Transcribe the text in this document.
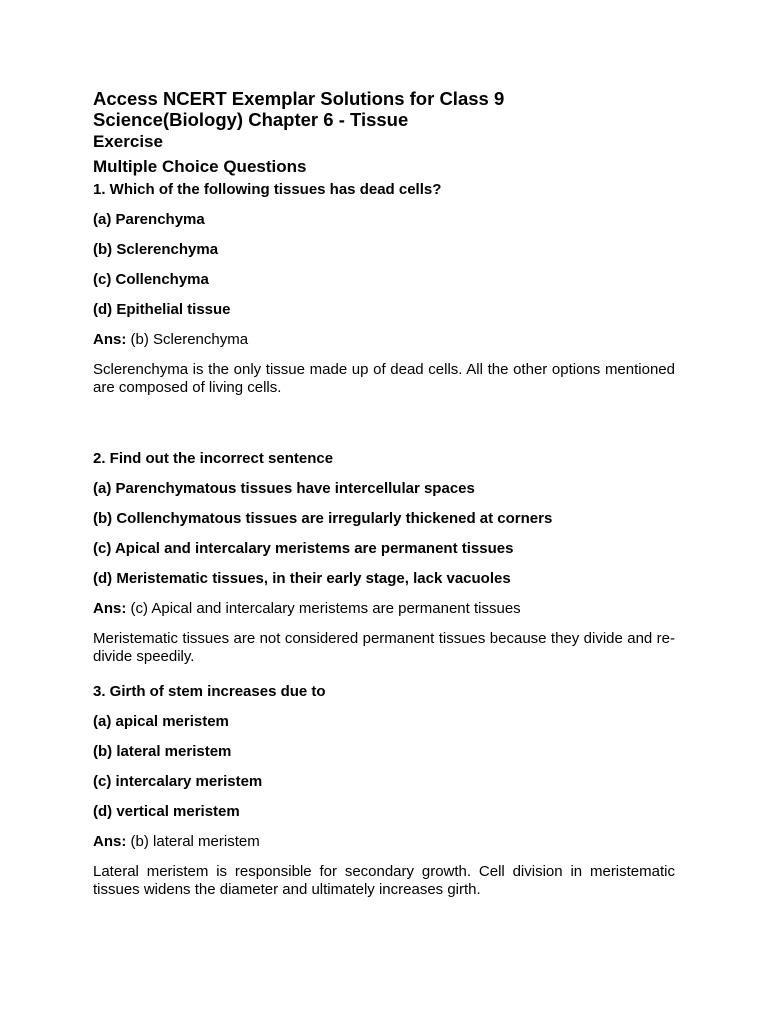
Access NCERT Exemplar Solutions for Class 9

Science(Biology) Chapter 6 - Tissue

Exercise

Multiple Choice Questions

1. Which of the following tissues has dead cells?

(a) Parenchyma

(b) Sclerenchyma

(c) Collenchyma

(d) Epithelial tissue

Ans: (b) Sclerenchyma

Sclerenchyma is the only tissue made up of dead cells. All the other options mentioned are composed of living cells.

2. Find out the incorrect sentence

(a) Parenchymatous tissues have intercellular spaces

(b) Collenchymatous tissues are irregularly thickened at corners

(c) Apical and intercalary meristems are permanent tissues

(d) Meristematic tissues, in their early stage, lack vacuoles

Ans: (c) Apical and intercalary meristems are permanent tissues

Meristematic tissues are not considered permanent tissues because they divide and re-divide speedily.

3. Girth of stem increases due to

(a) apical meristem

(b) lateral meristem

(c) intercalary meristem

(d) vertical meristem

Ans: (b) lateral meristem

Lateral meristem is responsible for secondary growth. Cell division in meristematic tissues widens the diameter and ultimately increases girth.
